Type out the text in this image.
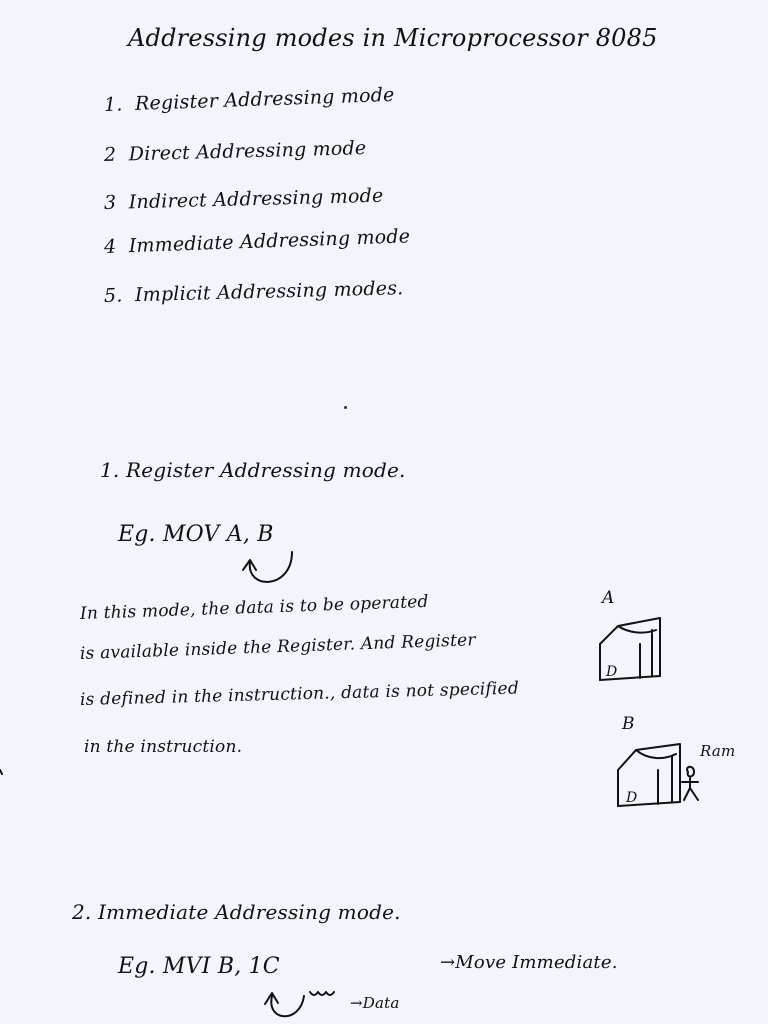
Addressing modes in Microprocessor 8085
1. Register Addressing mode
2 Direct Addressing mode
3 Indirect Addressing mode
4 Immediate Addressing mode
5. Implicit Addressing modes.
1. Register Addressing mode.
Eg. MOV A, B
In this mode, the data is to be operated
is available inside the Register. And Register
is defined in the instruction., data is not specified
in the instruction.
A
B
Ram
D
D
2. Immediate Addressing mode.
Eg. MVI B, 1C	→Move Immediate.
→Data
